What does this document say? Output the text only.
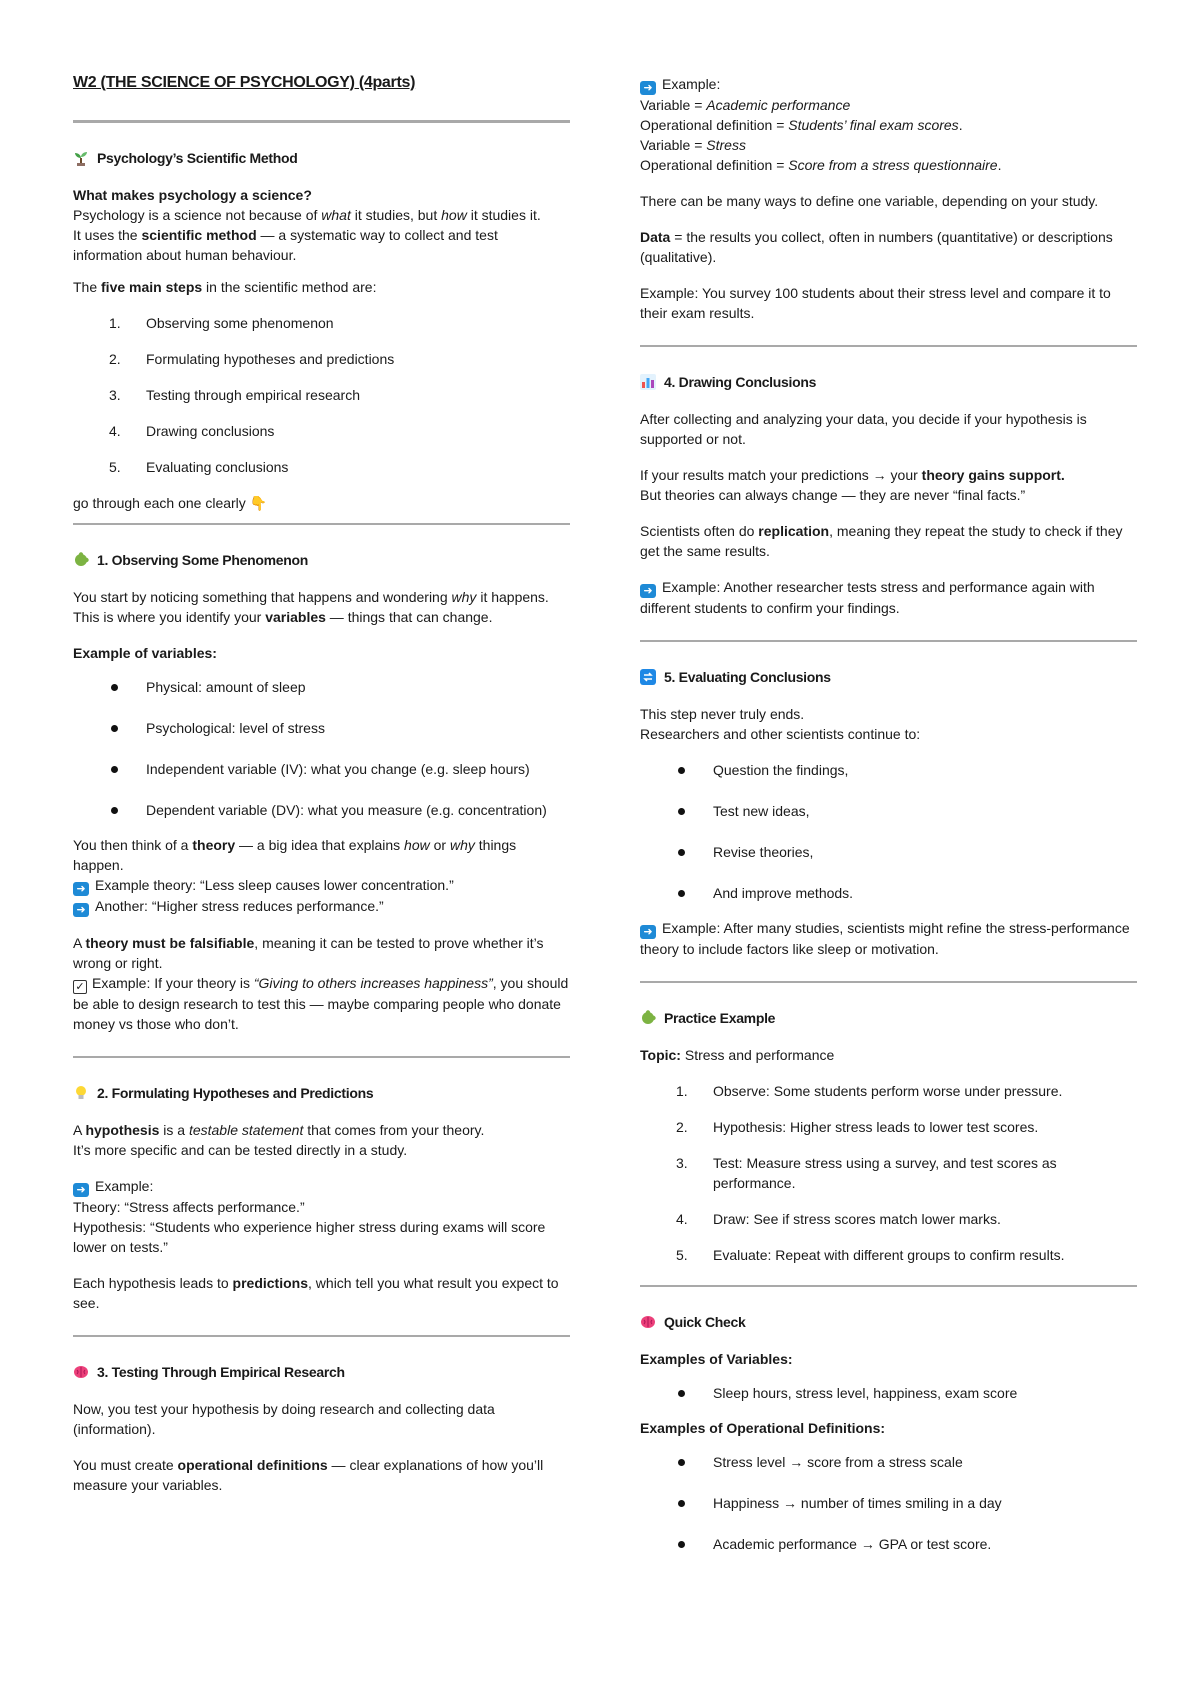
W2 (THE SCIENCE OF PSYCHOLOGY) (4parts)
Psychology’s Scientific Method

What makes psychology a science?
Psychology is a science not because of what it studies, but how it studies it.
It uses the scientific method — a systematic way to collect and test information about human behaviour.

The five main steps in the scientific method are:

1. Observing some phenomenon
2. Formulating hypotheses and predictions
3. Testing through empirical research
4. Drawing conclusions
5. Evaluating conclusions

go through each one clearly 👇

1. Observing Some Phenomenon

You start by noticing something that happens and wondering why it happens.
This is where you identify your variables — things that can change.

Example of variables:

Physical: amount of sleep
Psychological: level of stress
Independent variable (IV): what you change (e.g. sleep hours)
Dependent variable (DV): what you measure (e.g. concentration)

You then think of a theory — a big idea that explains how or why things happen.
➜ Example theory: “Less sleep causes lower concentration.”
➜ Another: “Higher stress reduces performance.”

A theory must be falsifiable, meaning it can be tested to prove whether it’s wrong or right.
✓ Example: If your theory is “Giving to others increases happiness”, you should be able to design research to test this — maybe comparing people who donate money vs those who don’t.

2. Formulating Hypotheses and Predictions

A hypothesis is a testable statement that comes from your theory.
It’s more specific and can be tested directly in a study.

➜ Example:
Theory: “Stress affects performance.”
Hypothesis: “Students who experience higher stress during exams will score lower on tests.”

Each hypothesis leads to predictions, which tell you what result you expect to see.

3. Testing Through Empirical Research

Now, you test your hypothesis by doing research and collecting data (information).

You must create operational definitions — clear explanations of how you’ll measure your variables.

➜ Example:
Variable = Academic performance
Operational definition = Students’ final exam scores.
Variable = Stress
Operational definition = Score from a stress questionnaire.

There can be many ways to define one variable, depending on your study.

Data = the results you collect, often in numbers (quantitative) or descriptions (qualitative).

Example: You survey 100 students about their stress level and compare it to their exam results.

4. Drawing Conclusions

After collecting and analyzing your data, you decide if your hypothesis is supported or not.

If your results match your predictions → your theory gains support.
But theories can always change — they are never “final facts.”

Scientists often do replication, meaning they repeat the study to check if they get the same results.

➜ Example: Another researcher tests stress and performance again with different students to confirm your findings.

5. Evaluating Conclusions

This step never truly ends.
Researchers and other scientists continue to:

Question the findings,
Test new ideas,
Revise theories,
And improve methods.

➜ Example: After many studies, scientists might refine the stress-performance theory to include factors like sleep or motivation.

Practice Example

Topic: Stress and performance

1. Observe: Some students perform worse under pressure.
2. Hypothesis: Higher stress leads to lower test scores.
3. Test: Measure stress using a survey, and test scores as performance.
4. Draw: See if stress scores match lower marks.
5. Evaluate: Repeat with different groups to confirm results.
Quick Check

Examples of Variables:

Sleep hours, stress level, happiness, exam score

Examples of Operational Definitions:

Stress level → score from a stress scale
Happiness → number of times smiling in a day
Academic performance → GPA or test score.
